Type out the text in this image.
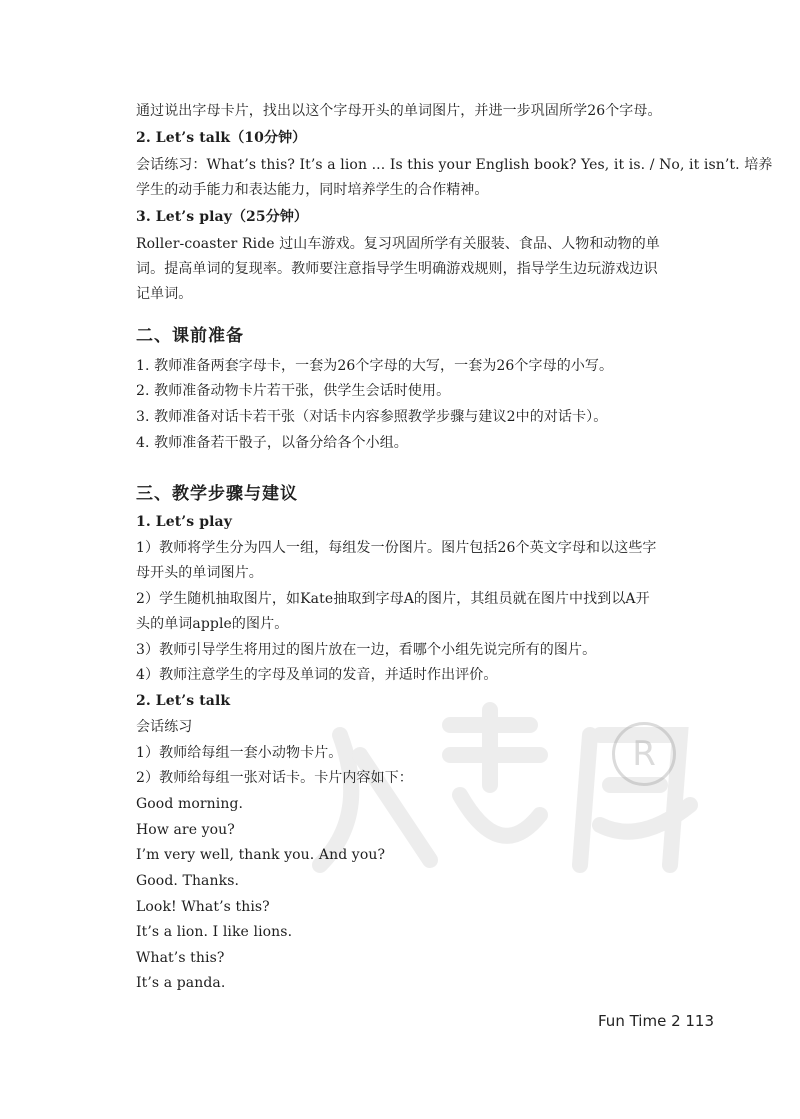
R
通过说出字母卡片，找出以这个字母开头的单词图片，并进一步巩固所学26个字母。
2. Let’s talk（10分钟）
会话练习：What’s this? It’s a lion ... Is this your English book? Yes, it is. / No, it isn’t. 培养
学生的动手能力和表达能力，同时培养学生的合作精神。
3. Let’s play（25分钟）
Roller-coaster Ride 过山车游戏。复习巩固所学有关服装、食品、人物和动物的单
词。提高单词的复现率。教师要注意指导学生明确游戏规则，指导学生边玩游戏边识
记单词。
二、课前准备
1. 教师准备两套字母卡，一套为26个字母的大写，一套为26个字母的小写。
2. 教师准备动物卡片若干张，供学生会话时使用。
3. 教师准备对话卡若干张（对话卡内容参照教学步骤与建议2中的对话卡）。
4. 教师准备若干骰子，以备分给各个小组。
三、教学步骤与建议
1. Let’s play
1）教师将学生分为四人一组，每组发一份图片。图片包括26个英文字母和以这些字
母开头的单词图片。
2）学生随机抽取图片，如Kate抽取到字母A的图片，其组员就在图片中找到以A开
头的单词apple的图片。
3）教师引导学生将用过的图片放在一边，看哪个小组先说完所有的图片。
4）教师注意学生的字母及单词的发音，并适时作出评价。
2. Let’s talk
会话练习
1）教师给每组一套小动物卡片。
2）教师给每组一张对话卡。卡片内容如下：
Good morning.
How are you?
I’m very well, thank you. And you?
Good. Thanks.
Look! What’s this?
It’s a lion. I like lions.
What’s this?
It’s a panda.
Fun Time 2 113
